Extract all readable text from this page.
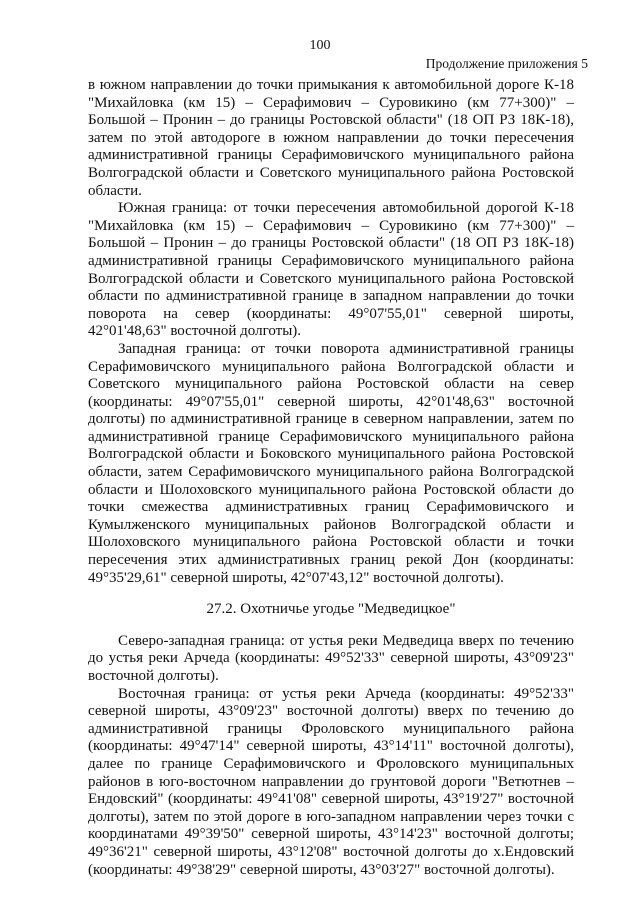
100
Продолжение приложения 5

в южном направлении до точки примыкания к автомобильной дороге К-18 "Михайловка (км 15) – Серафимович – Суровикино (км 77+300)" – Большой – Пронин – до границы Ростовской области" (18 ОП РЗ 18К-18), затем по этой автодороге в южном направлении до точки пересечения административной границы Серафимовичского муниципального района Волгоградской области и Советского муниципального района Ростовской области.

Южная граница: от точки пересечения автомобильной дорогой К-18 "Михайловка (км 15) – Серафимович – Суровикино (км 77+300)" – Большой – Пронин – до границы Ростовской области" (18 ОП РЗ 18К-18) административной границы Серафимовичского муниципального района Волгоградской области и Советского муниципального района Ростовской области по административной границе в западном направлении до точки поворота на север (координаты: 49°07'55,01" северной широты, 42°01'48,63" восточной долготы).

Западная граница: от точки поворота административной границы Серафимовичского муниципального района Волгоградской области и Советского муниципального района Ростовской области на север (координаты: 49°07'55,01" северной широты, 42°01'48,63" восточной долготы) по административной границе в северном направлении, затем по административной границе Серафимовичского муниципального района Волгоградской области и Боковского муниципального района Ростовской области, затем Серафимовичского муниципального района Волгоградской области и Шолоховского муниципального района Ростовской области до точки смежества административных границ Серафимовичского и Кумылженского муниципальных районов Волгоградской области и Шолоховского муниципального района Ростовской области и точки пересечения этих административных границ рекой Дон (координаты: 49°35'29,61" северной широты, 42°07'43,12" восточной долготы).

27.2. Охотничье угодье "Медведицкое"

Северо-западная граница: от устья реки Медведица вверх по течению до устья реки Арчеда (координаты: 49°52'33" северной широты, 43°09'23" восточной долготы).

Восточная граница: от устья реки Арчеда (координаты: 49°52'33" северной широты, 43°09'23" восточной долготы) вверх по течению до административной границы Фроловского муниципального района (координаты: 49°47'14" северной широты, 43°14'11" восточной долготы), далее по границе Серафимовичского и Фроловского муниципальных районов в юго-восточном направлении до грунтовой дороги "Ветютнев – Ендовский" (координаты: 49°41'08" северной широты, 43°19'27" восточной долготы), затем по этой дороге в юго-западном направлении через точки с координатами 49°39'50" северной широты, 43°14'23" восточной долготы; 49°36'21" северной широты, 43°12'08" восточной долготы до х.Ендовский (координаты: 49°38'29" северной широты, 43°03'27" восточной долготы).
